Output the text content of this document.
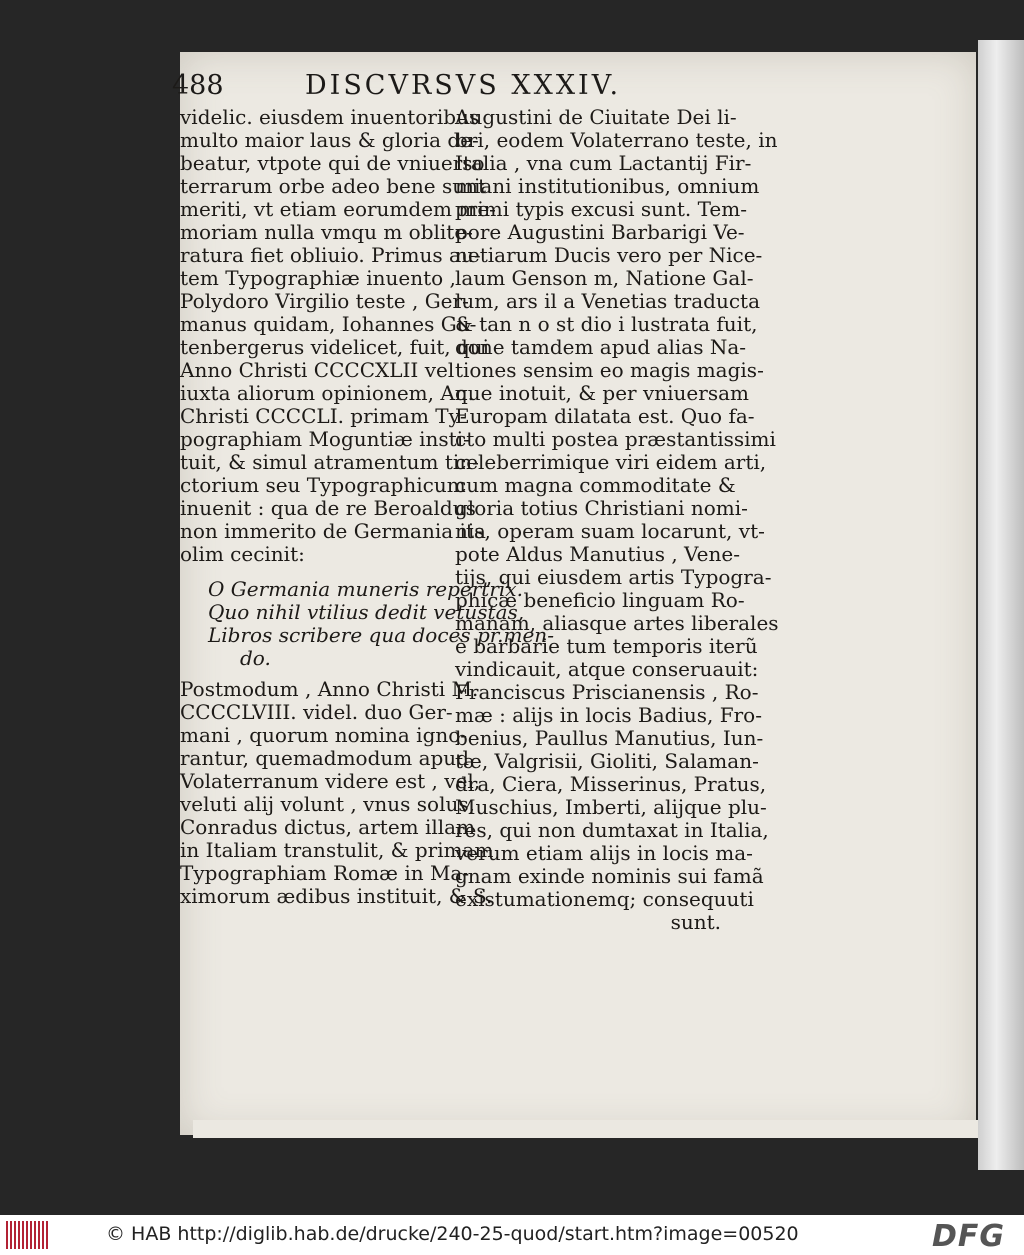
488	DISCVRSVS XXXIV.
videlic. eiusdem inuentoribus
multo maior laus & gloria de-
beatur, vtpote qui de vniuerso
terrarum orbe adeo bene sunt
meriti, vt etiam eorumdem me-
moriam nulla vmqu m oblite-
ratura fiet obliuio. Primus au-
tem Typographiæ inuento ,
Polydoro Virgilio teste , Ger-
manus quidam, Iohannes Gu-
tenbergerus videlicet, fuit, qui
Anno Christi CCCCXLII vel
iuxta aliorum opinionem, An.
Christi CCCCLI. primam Ty-
pographiam Moguntiæ insti-
tuit, & simul atramentum tin-
ctorium seu Typographicum
inuenit : qua de re Beroaldus
non immerito de Germania ita
olim cecinit:
O Germania muneris repertrix.
Quo nihil vtilius dedit vetustas,
Libros scribere qua doces pr.men-
do.
Postmodum , Anno Christi M.
CCCCLVIII. videl. duo Ger-
mani , quorum nomina igno-
rantur, quemadmodum apud
Volaterranum videre est , vel,
veluti alij volunt , vnus solus,
Conradus dictus, artem illam
in Italiam transtulit, & primam
Typographiam Romæ in Ma-
ximorum ædibus instituit, & S.
Augustini de Ciuitate Dei li-
bri, eodem Volaterrano teste, in
Italia , vna cum Lactantij Fir-
miani institutionibus, omnium
primi typis excusi sunt. Tem-
pore Augustini Barbarigi Ve-
netiarum Ducis vero per Nice-
laum Genson m, Natione Gal-
lum, ars il a Venetias traducta
& tan n o st dio i lustrata fuit,
done tamdem apud alias Na-
tiones sensim eo magis magis-
que inotuit, & per vniuersam
Europam dilatata est. Quo fa-
cto multi postea præstantissimi
celeberrimique viri eidem arti,
cum magna commoditate &
gloria totius Christiani nomi-
nis, operam suam locarunt, vt-
pote Aldus Manutius , Vene-
tijs, qui eiusdem artis Typogra-
phicæ beneficio linguam Ro-
manam, aliasque artes liberales
è barbarie tum temporis iterũ
vindicauit, atque conseruauit:
Franciscus Priscianensis , Ro-
mæ : alijs in locis Badius, Fro-
benius, Paullus Manutius, Iun-
tæ, Valgrisii, Gioliti, Salaman-
dra, Ciera, Misserinus, Pratus,
Muschius, Imberti, alijque plu-
res, qui non dumtaxat in Italia,
verum etiam alijs in locis ma-
gnam exinde nominis sui famã
existumationemq; consequuti
sunt.
© HAB http://diglib.hab.de/drucke/240-25-quod/start.htm?image=00520	DFG
